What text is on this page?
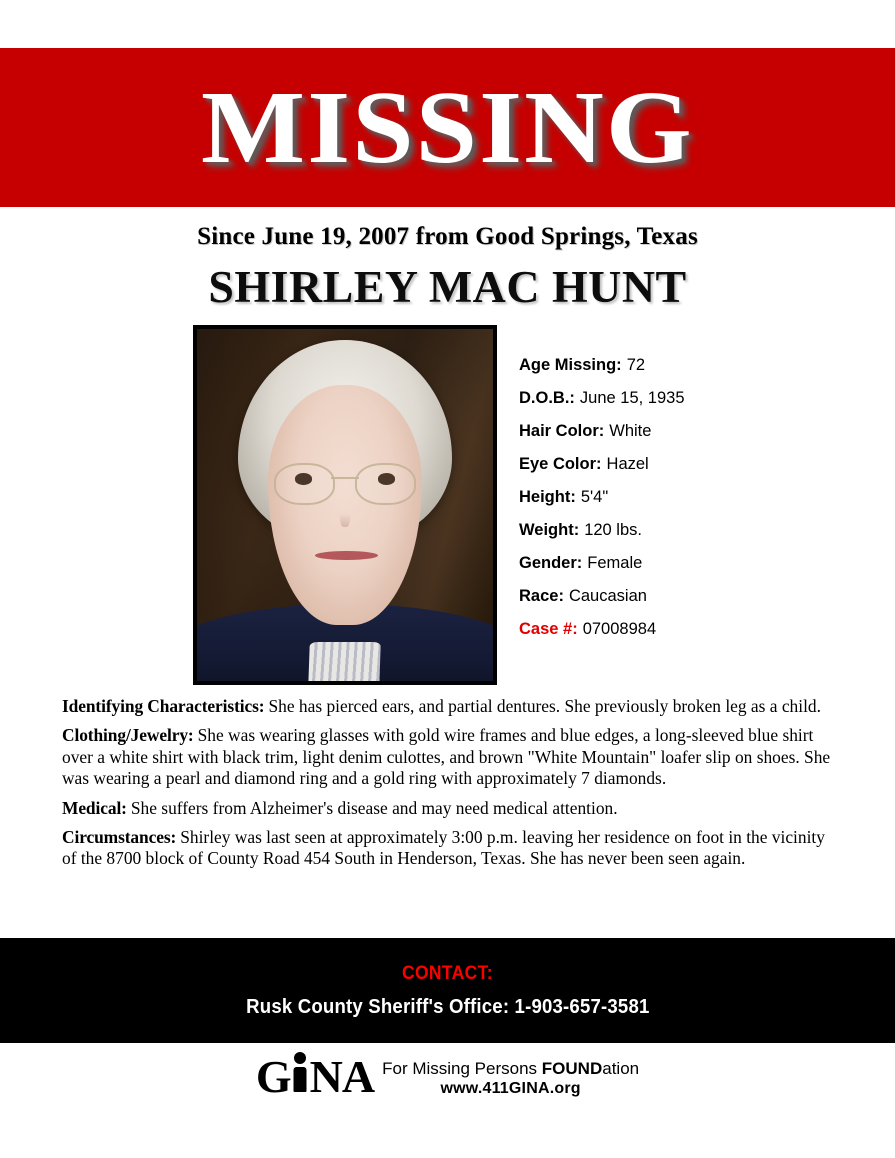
MISSING
Since June 19, 2007 from Good Springs, Texas
SHIRLEY MAC HUNT
Age Missing: 72
D.O.B.: June 15, 1935
Hair Color: White
Eye Color: Hazel
Height: 5'4"
Weight: 120 lbs.
Gender: Female
Race: Caucasian
Case #: 07008984
Identifying Characteristics: She has pierced ears, and partial dentures. She previously broken leg as a child.
Clothing/Jewelry: She was wearing glasses with gold wire frames and blue edges, a long-sleeved blue shirt over a white shirt with black trim, light denim culottes, and brown "White Mountain" loafer slip on shoes. She was wearing a pearl and diamond ring and a gold ring with approximately 7 diamonds.
Medical: She suffers from Alzheimer's disease and may need medical attention.
Circumstances: Shirley was last seen at approximately 3:00 p.m. leaving her residence on foot in the vicinity of the 8700 block of County Road 454 South in Henderson, Texas. She has never been seen again.
CONTACT:
Rusk County Sheriff's Office: 1-903-657-3581
G NA For Missing Persons FOUNDation
www.411GINA.org
